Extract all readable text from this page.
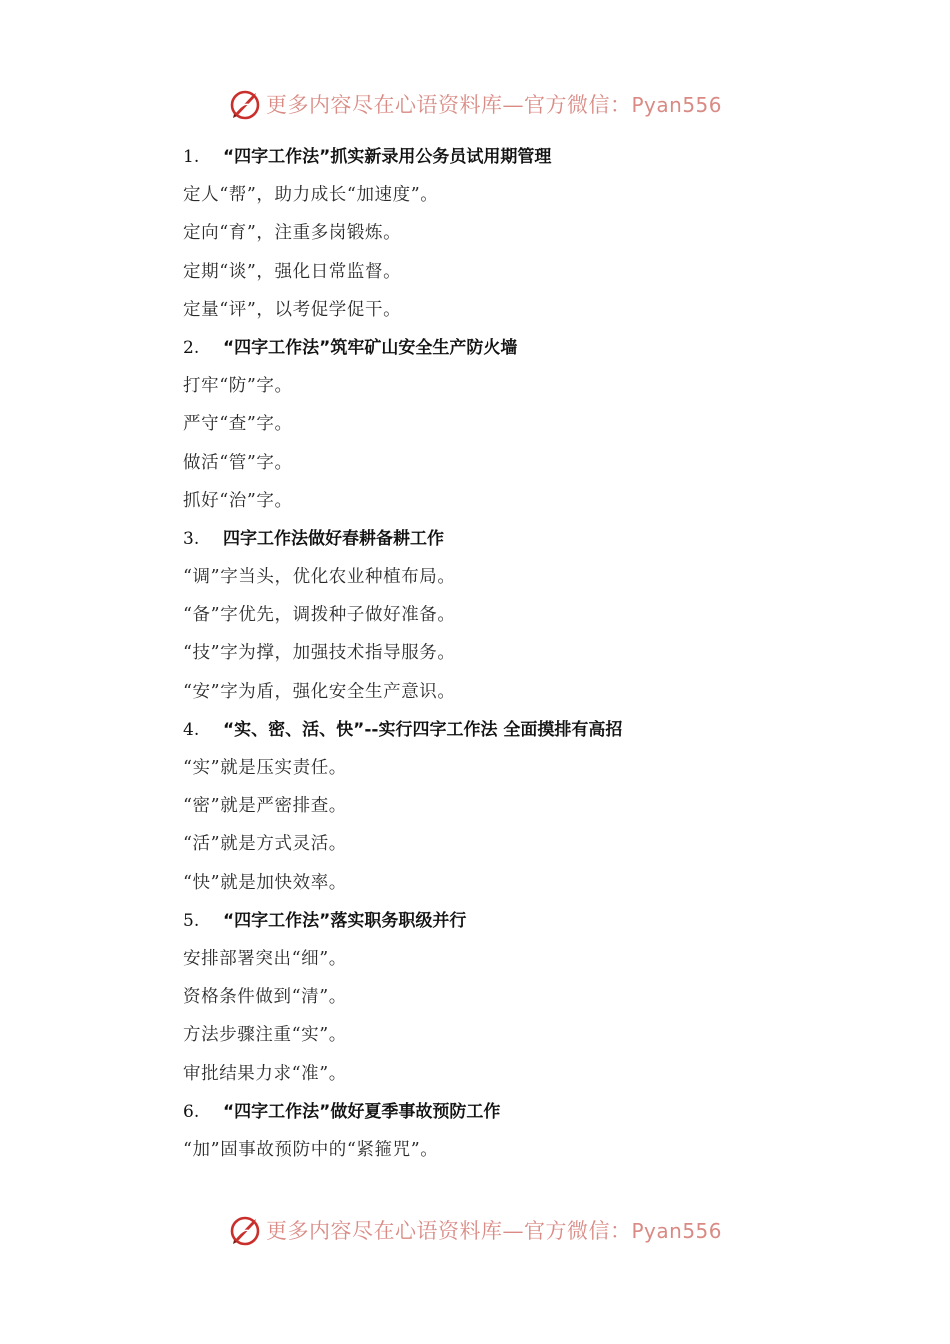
更多内容尽在心语资料库—官方微信：Pyan556
1. “四字工作法”抓实新录用公务员试用期管理
定人“帮”，助力成长“加速度”。
定向“育”，注重多岗锻炼。
定期“谈”，强化日常监督。
定量“评”，以考促学促干。
2. “四字工作法”筑牢矿山安全生产防火墙
打牢“防”字。
严守“查”字。
做活“管”字。
抓好“治”字。
3. 四字工作法做好春耕备耕工作
“调”字当头，优化农业种植布局。
“备”字优先，调拨种子做好准备。
“技”字为撑，加强技术指导服务。
“安”字为盾，强化安全生产意识。
4. “实、密、活、快”--实行四字工作法 全面摸排有高招
“实”就是压实责任。
“密”就是严密排查。
“活”就是方式灵活。
“快”就是加快效率。
5. “四字工作法”落实职务职级并行
安排部署突出“细”。
资格条件做到“清”。
方法步骤注重“实”。
审批结果力求“准”。
6. “四字工作法”做好夏季事故预防工作
“加”固事故预防中的“紧箍咒”。
更多内容尽在心语资料库—官方微信：Pyan556
